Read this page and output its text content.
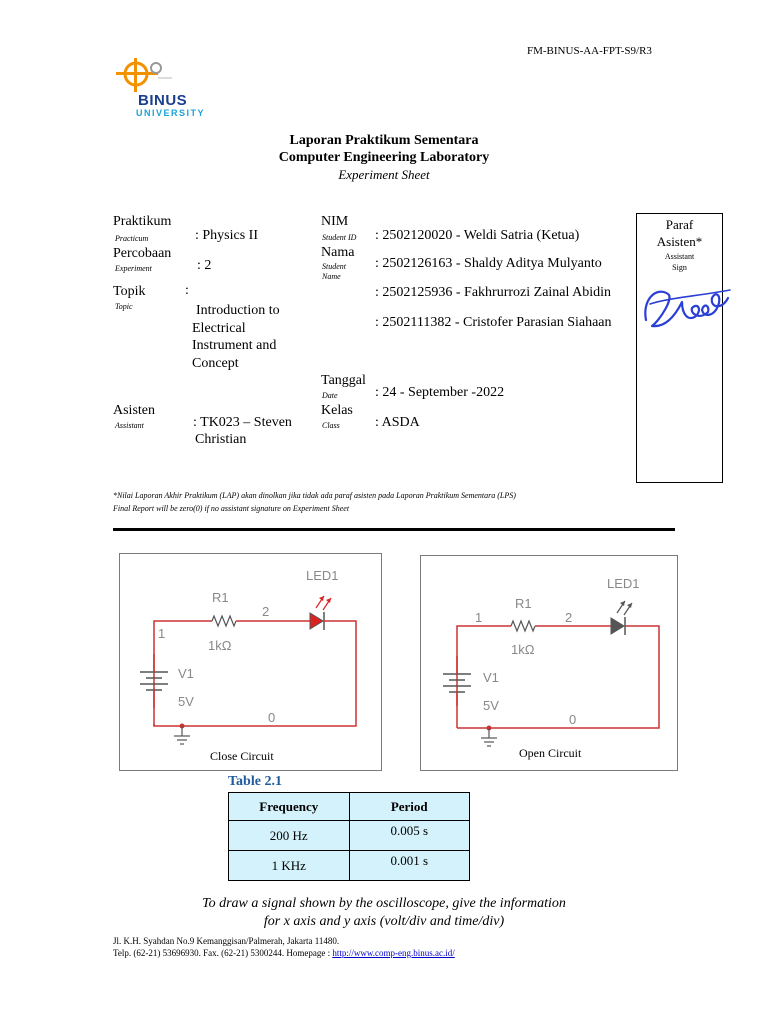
FM-BINUS-AA-FPT-S9/R3
BINUS
UNIVERSITY
Laporan Praktikum Sementara
Computer Engineering Laboratory
Experiment Sheet
Praktikum
Practicum	: Physics II
Percobaan
Experiment	: 2
Topik	:
Topic	Introduction to
Electrical
Instrument and
Concept
Asisten
Assistant	: TK023 – Steven
Christian
NIM
Student ID : 2502120020 - Weldi Satria (Ketua)
Nama
Student
Name
: 2502126163 - Shaldy Aditya Mulyanto
: 2502125936 - Fakhrurrozi Zainal Abidin
: 2502111382 - Cristofer Parasian Siahaan
Tanggal
Date	: 24 - September -2022
Kelas
Class	: ASDA
Paraf
Asisten*
Assistant
Sign
*Nilai Laporan Akhir Praktikum (LAP) akan dinolkan jika tidak ada paraf asisten pada Laporan Praktikum Sementara (LPS)
Final Report will be zero(0) if no assistant signature on Experiment Sheet
LED1
R1
2
1
1kΩ
V1
5V
0
Close Circuit
LED1
R1
2
1
1kΩ
V1
5V
0
Open Circuit
Table 2.1
Frequency	Period
200 Hz	0.005 s
1 KHz	0.001 s
To draw a signal shown by the oscilloscope, give the information
for x axis and y axis (volt/div and time/div)
Jl. K.H. Syahdan No.9 Kemanggisan/Palmerah, Jakarta 11480.
Telp. (62-21) 53696930. Fax. (62-21) 5300244. Homepage : http://www.comp-eng.binus.ac.id/
